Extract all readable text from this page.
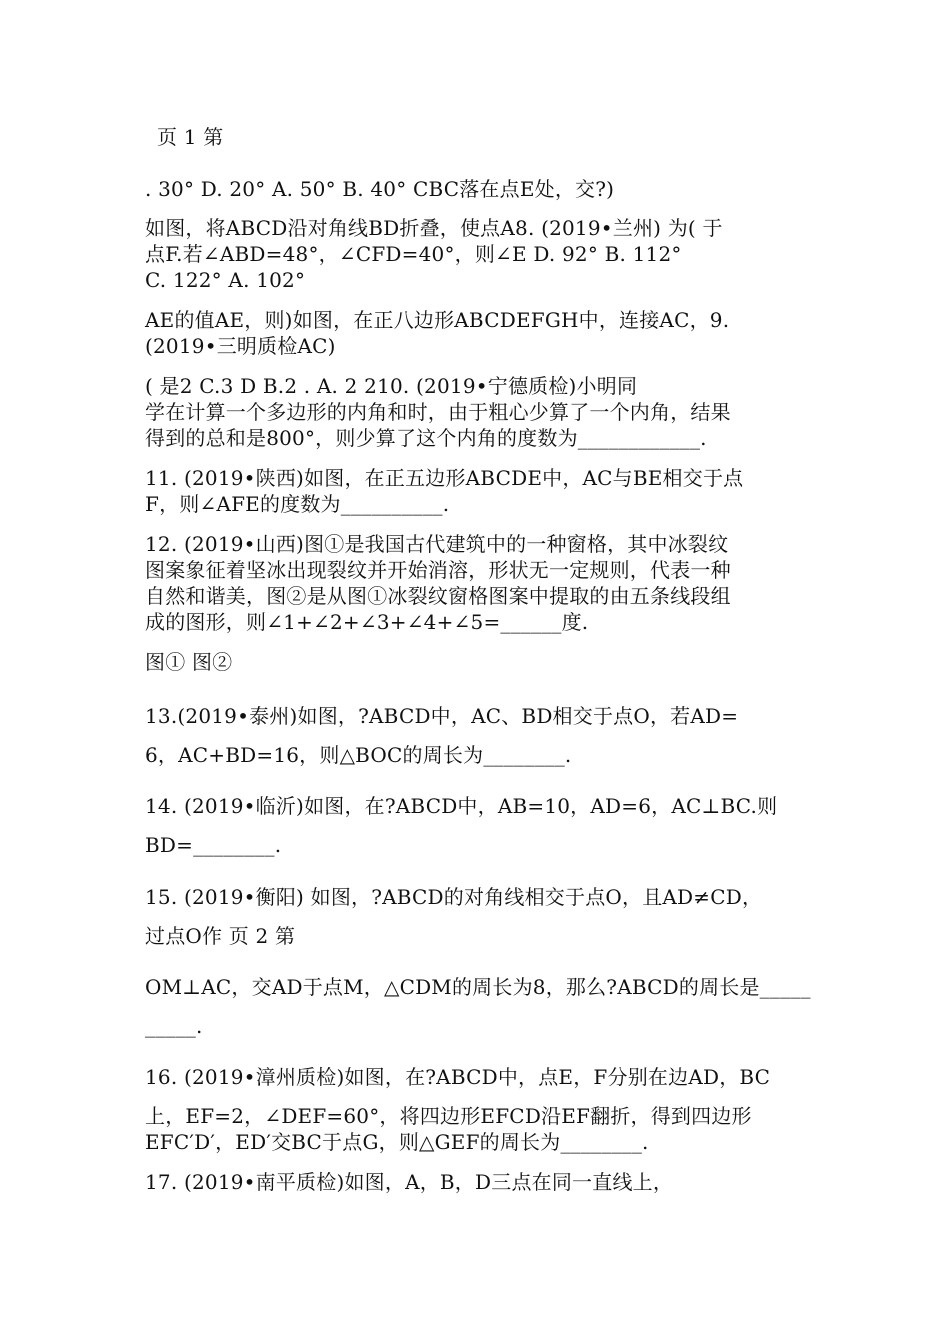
页 1 第
. 30° D. 20° A. 50° B. 40° CBC落在点E处，交?)
如图，将ABCD沿对角线BD折叠，使点A8. (2019•兰州) 为( 于
点F.若∠ABD=48°，∠CFD=40°，则∠E D. 92° B. 112°
C. 122° A. 102°
AE的值AE，则)如图，在正八边形ABCDEFGH中，连接AC，9.
(2019•三明质检AC)
( 是2 C.3 D B.2 . A. 2 210. (2019•宁德质检)小明同
学在计算一个多边形的内角和时，由于粗心少算了一个内角，结果
得到的总和是800°，则少算了这个内角的度数为____________.
11. (2019•陕西)如图，在正五边形ABCDE中，AC与BE相交于点
F，则∠AFE的度数为__________.
12. (2019•山西)图①是我国古代建筑中的一种窗格，其中冰裂纹
图案象征着坚冰出现裂纹并开始消溶，形状无一定规则，代表一种
自然和谐美，图②是从图①冰裂纹窗格图案中提取的由五条线段组
成的图形，则∠1+∠2+∠3+∠4+∠5=______度.
图① 图②
13.(2019•泰州)如图，?ABCD中，AC、BD相交于点O，若AD=
6，AC+BD=16，则△BOC的周长为________.
14. (2019•临沂)如图，在?ABCD中，AB=10，AD=6，AC⊥BC.则
BD=________.
15. (2019•衡阳) 如图，?ABCD的对角线相交于点O，且AD≠CD，
过点O作 页 2 第
OM⊥AC，交AD于点M，△CDM的周长为8，那么?ABCD的周长是_____
_____.
16. (2019•漳州质检)如图，在?ABCD中，点E，F分别在边AD，BC
上，EF=2，∠DEF=60°，将四边形EFCD沿EF翻折，得到四边形
EFC′D′，ED′交BC于点G，则△GEF的周长为________.
17. (2019•南平质检)如图，A，B，D三点在同一直线上，
